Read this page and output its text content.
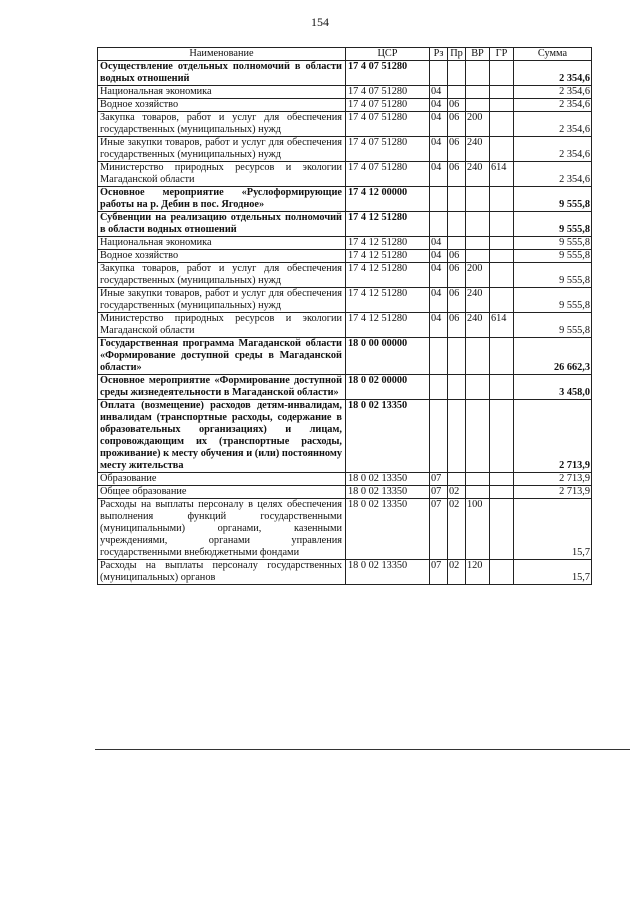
154
Наименование	ЦСР	Рз	Пр	ВР	ГР	Сумма
Осуществление отдельных полномочий в области водных отношений	17 4 07 51280					2 354,6
Национальная экономика	17 4 07 51280	04				2 354,6
Водное хозяйство	17 4 07 51280	04	06			2 354,6
Закупка товаров, работ и услуг для обеспечения государственных (муниципальных) нужд	17 4 07 51280	04	06	200		2 354,6
Иные закупки товаров, работ и услуг для обеспечения государственных (муниципальных) нужд	17 4 07 51280	04	06	240		2 354,6
Министерство природных ресурсов и экологии Магаданской области	17 4 07 51280	04	06	240	614	2 354,6
Основное мероприятие «Руслоформирующие работы на р. Дебин в пос. Ягодное»	17 4 12 00000					9 555,8
Субвенции на реализацию отдельных полномочий в области водных отношений	17 4 12 51280					9 555,8
Национальная экономика	17 4 12 51280	04				9 555,8
Водное хозяйство	17 4 12 51280	04	06			9 555,8
Закупка товаров, работ и услуг для обеспечения государственных (муниципальных) нужд	17 4 12 51280	04	06	200		9 555,8
Иные закупки товаров, работ и услуг для обеспечения государственных (муниципальных) нужд	17 4 12 51280	04	06	240		9 555,8
Министерство природных ресурсов и экологии Магаданской области	17 4 12 51280	04	06	240	614	9 555,8
Государственная программа Магаданской области «Формирование доступной среды в Магаданской области»	18 0 00 00000					26 662,3
Основное мероприятие «Формирование доступной среды жизнедеятельности в Магаданской области»	18 0 02 00000					3 458,0
Оплата (возмещение) расходов детям-инвалидам, инвалидам (транспортные расходы, содержание в образовательных организациях) и лицам, сопровождающим их (транспортные расходы, проживание) к месту обучения и (или) постоянному месту жительства	18 0 02 13350					2 713,9
Образование	18 0 02 13350	07				2 713,9
Общее образование	18 0 02 13350	07	02			2 713,9
Расходы на выплаты персоналу в целях обеспечения выполнения функций государственными (муниципальными) органами, казенными учреждениями, органами управления государственными внебюджетными фондами	18 0 02 13350	07	02	100		15,7
Расходы на выплаты персоналу государственных (муниципальных) органов	18 0 02 13350	07	02	120		15,7
